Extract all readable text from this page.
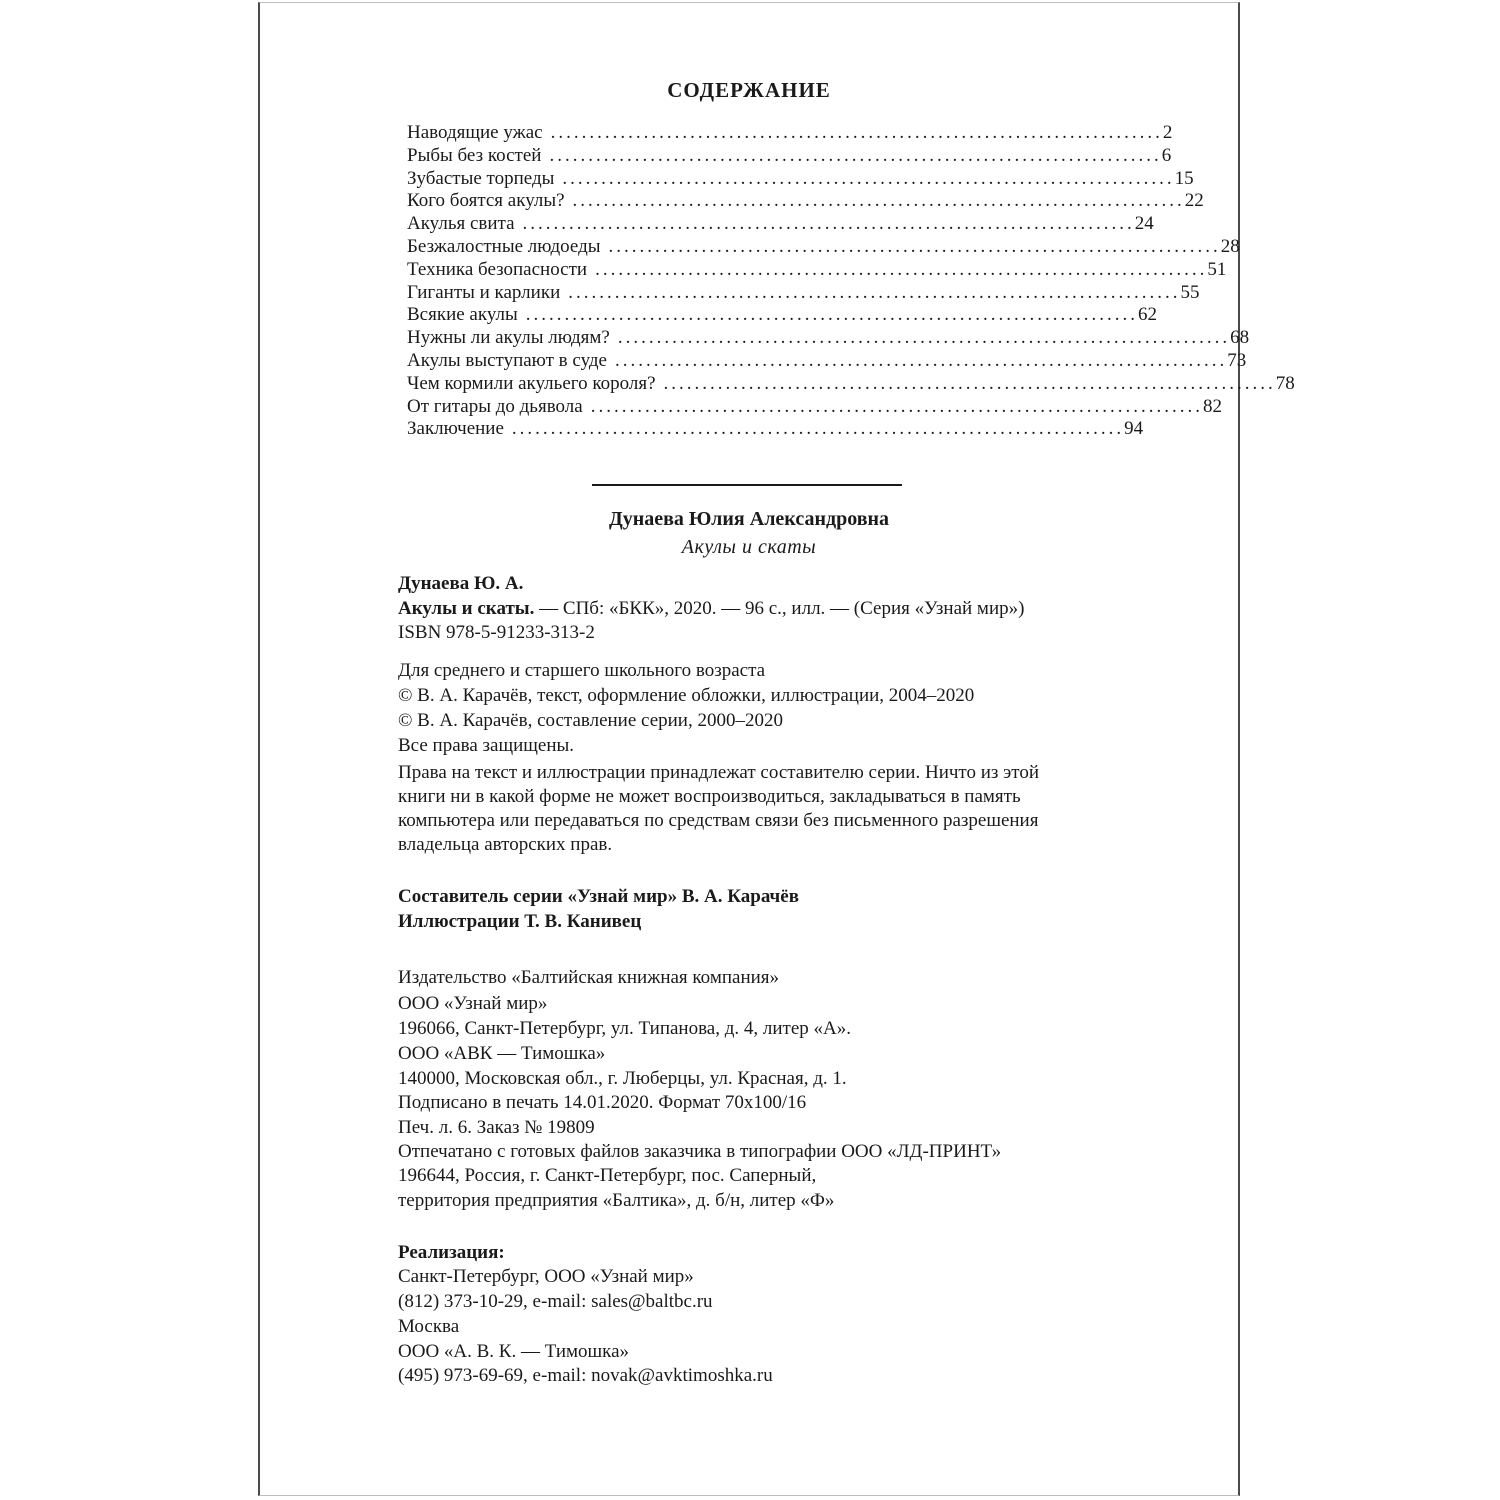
СОДЕРЖАНИЕ
Наводящие ужас ............................................................................... 2
Рыбы без костей ............................................................................... 6
Зубастые торпеды ............................................................................... 15
Кого боятся акулы? ............................................................................... 22
Акулья свита ............................................................................... 24
Безжалостные людоеды ............................................................................... 28
Техника безопасности ............................................................................... 51
Гиганты и карлики ............................................................................... 55
Всякие акулы ............................................................................... 62
Нужны ли акулы людям? ............................................................................... 68
Акулы выступают в суде ............................................................................... 73
Чем кормили акульего короля? ............................................................................... 78
От гитары до дьявола ............................................................................... 82
Заключение ............................................................................... 94
Дунаева Юлия Александровна
Акулы и скаты
Дунаева Ю. А.
Акулы и скаты. — СПб: «БКК», 2020. — 96 с., илл. — (Серия «Узнай мир»)
ISBN 978-5-91233-313-2
Для среднего и старшего школьного возраста
© В. А. Карачёв, текст, оформление обложки, иллюстрации, 2004–2020
© В. А. Карачёв, составление серии, 2000–2020
Все права защищены.
Права на текст и иллюстрации принадлежат составителю серии. Ничто из этой
книги ни в какой форме не может воспроизводиться, закладываться в память
компьютера или передаваться по средствам связи без письменного разрешения
владельца авторских прав.
Составитель серии «Узнай мир» В. А. Карачёв
Иллюстрации Т. В. Канивец
Издательство «Балтийская книжная компания»
ООО «Узнай мир»
196066, Санкт-Петербург, ул. Типанова, д. 4, литер «А».
ООО «АВК — Тимошка»
140000, Московская обл., г. Люберцы, ул. Красная, д. 1.
Подписано в печать 14.01.2020. Формат 70х100/16
Печ. л. 6. Заказ № 19809
Отпечатано с готовых файлов заказчика в типографии ООО «ЛД-ПРИНТ»
196644, Россия, г. Санкт-Петербург, пос. Саперный,
территория предприятия «Балтика», д. б/н, литер «Ф»
Реализация:
Санкт-Петербург, ООО «Узнай мир»
(812) 373-10-29, e-mail: sales@baltbc.ru
Москва
ООО «А. В. К. — Тимошка»
(495) 973-69-69, e-mail: novak@avktimoshka.ru
